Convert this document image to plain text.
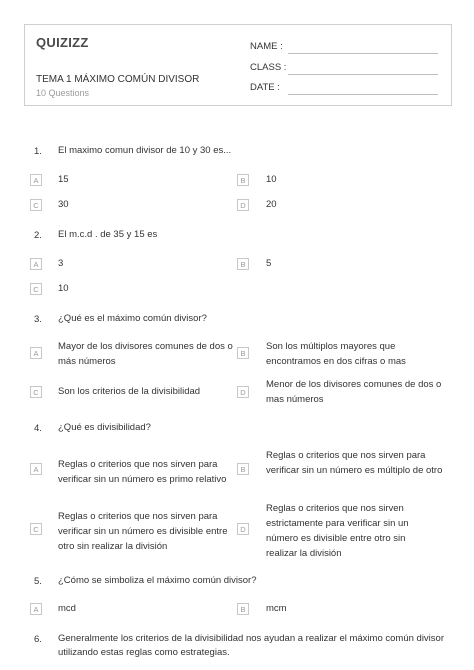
QUIZIZZ
TEMA 1 MÁXIMO COMÚN DIVISOR
10 Questions
NAME :
CLASS :
DATE :
1. El maximo comun divisor de 10 y 30 es...
A	15	B	10
C	30	D	20
2. El m.c.d . de 35 y 15 es
A	3	B	5
C	10
3. ¿Qué es el máximo común divisor?
A
Mayor de los divisores comunes de dos o más números
B
Son los múltiplos mayores que encontramos en dos cifras o mas
C	Son los criterios de la divisibilidad	D
Menor de los divisores comunes de dos o mas números
4. ¿Qué es divisibilidad?
A	Reglas o criterios que nos sirven para verificar sin un número es primo relativo
B
Reglas o criterios que nos sirven para verificar sin un número es múltiplo de otro
C
Reglas o criterios que nos sirven para verificar sin un número es divisible entre otro sin realizar la división
D
Reglas o criterios que nos sirven estrictamente para verificar sin un número es divisible entre otro sin realizar la división
5. ¿Cómo se simboliza el máximo común divisor?
A	mcd	B	mcm
6. Generalmente los criterios de la divisibilidad nos ayudan a realizar el máximo común divisor utilizando estas reglas como estrategias.
